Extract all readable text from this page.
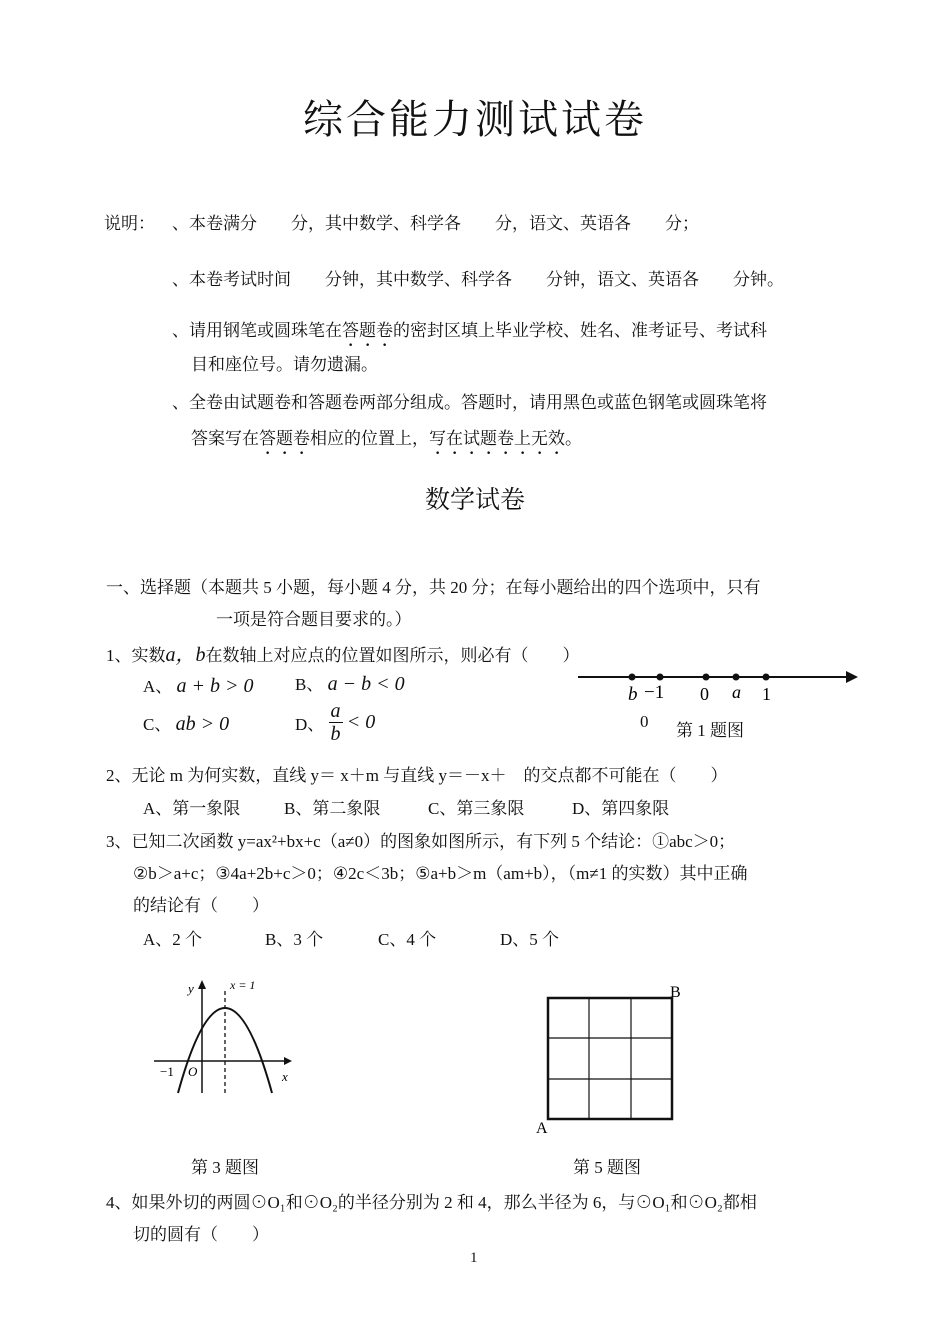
综合能力测试试卷
说明： 、本卷满分　　分，其中数学、科学各　　分，语文、英语各　　分；
、本卷考试时间　　分钟，其中数学、科学各　　分钟，语文、英语各　　分钟。
、请用钢笔或圆珠笔在答题卷的密封区填上毕业学校、姓名、准考证号、考试科
目和座位号。请勿遗漏。
、全卷由试题卷和答题卷两部分组成。答题时，请用黑色或蓝色钢笔或圆珠笔将
答案写在答题卷相应的位置上，写在试题卷上无效。
数学试卷
一、选择题（本题共 5 小题，每小题 4 分，共 20 分；在每小题给出的四个选项中，只有
一项是符合题目要求的。）
1、实数a，b在数轴上对应点的位置如图所示，则必有（　　）
A、 a + b > 0 B、 a − b < 0
C、 ab > 0	D、 $\frac{a}{b} < 0$
b −1 0 a 1
0 第 1 题图
2、无论 m 为何实数，直线 y＝ x＋m 与直线 y＝－x＋　的交点都不可能在（　　）
A、第一象限	B、第二象限	C、第三象限	D、第四象限
3、已知二次函数 y=ax²+bx+c（a≠0）的图象如图所示，有下列 5 个结论：①abc＞0；
②b＞a+c；③4a+2b+c＞0；④2c＜3b；⑤a+b＞m（am+b），（m≠1 的实数）其中正确
的结论有（　　）
A、2 个	B、3 个	C、4 个	D、5 个
y
x
x = 1
−1 O
第 3 题图
A
B
第 5 题图
4、如果外切的两圆⊙O₁和⊙O₂的半径分别为 2 和 4，那么半径为 6，与⊙O₁和⊙O₂都相
切的圆有（　　）
1
